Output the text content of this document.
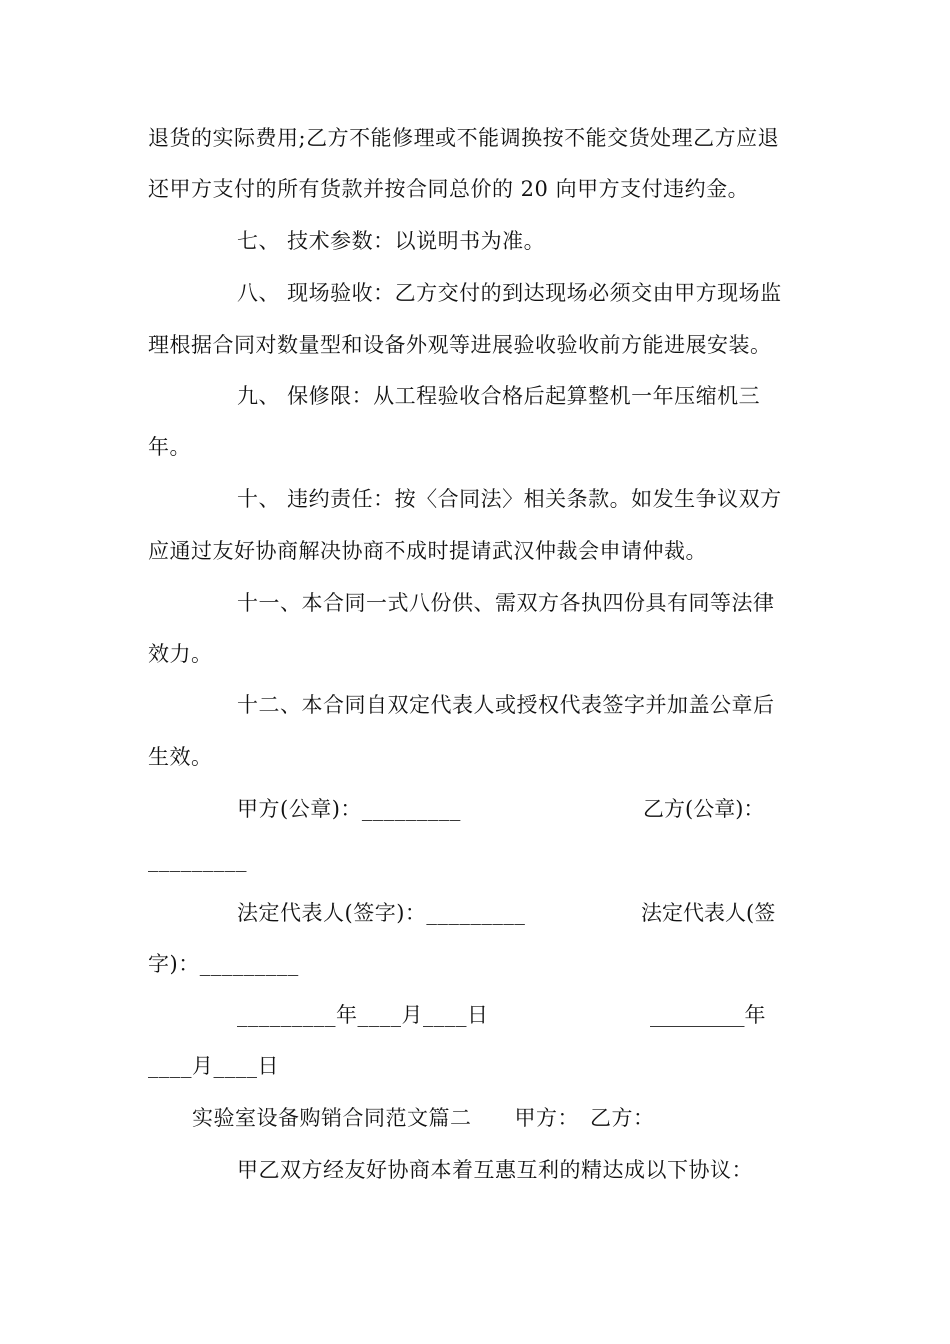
退货的实际费用;乙方不能修理或不能调换按不能交货处理乙方应退
还甲方支付的所有货款并按合同总价的 20 向甲方支付违约金。
七、 技术参数：以说明书为准。
八、 现场验收：乙方交付的到达现场必须交由甲方现场监
理根据合同对数量型和设备外观等进展验收验收前方能进展安装。
九、 保修限：从工程验收合格后起算整机一年压缩机三
年。
十、 违约责任：按〈合同法〉相关条款。如发生争议双方
应通过友好协商解决协商不成时提请武汉仲裁会申请仲裁。
十一、本合同一式八份供、需双方各执四份具有同等法律
效力。
十二、本合同自双定代表人或授权代表签字并加盖公章后
生效。
甲方(公章)：_________	乙方(公章)：
_________
法定代表人(签字)：_________	法定代表人(签
字)：_________
_________年____月____日	_________年
____月____日
实验室设备购销合同范文篇二　　甲方：　乙方：
甲乙双方经友好协商本着互惠互利的精达成以下协议：
